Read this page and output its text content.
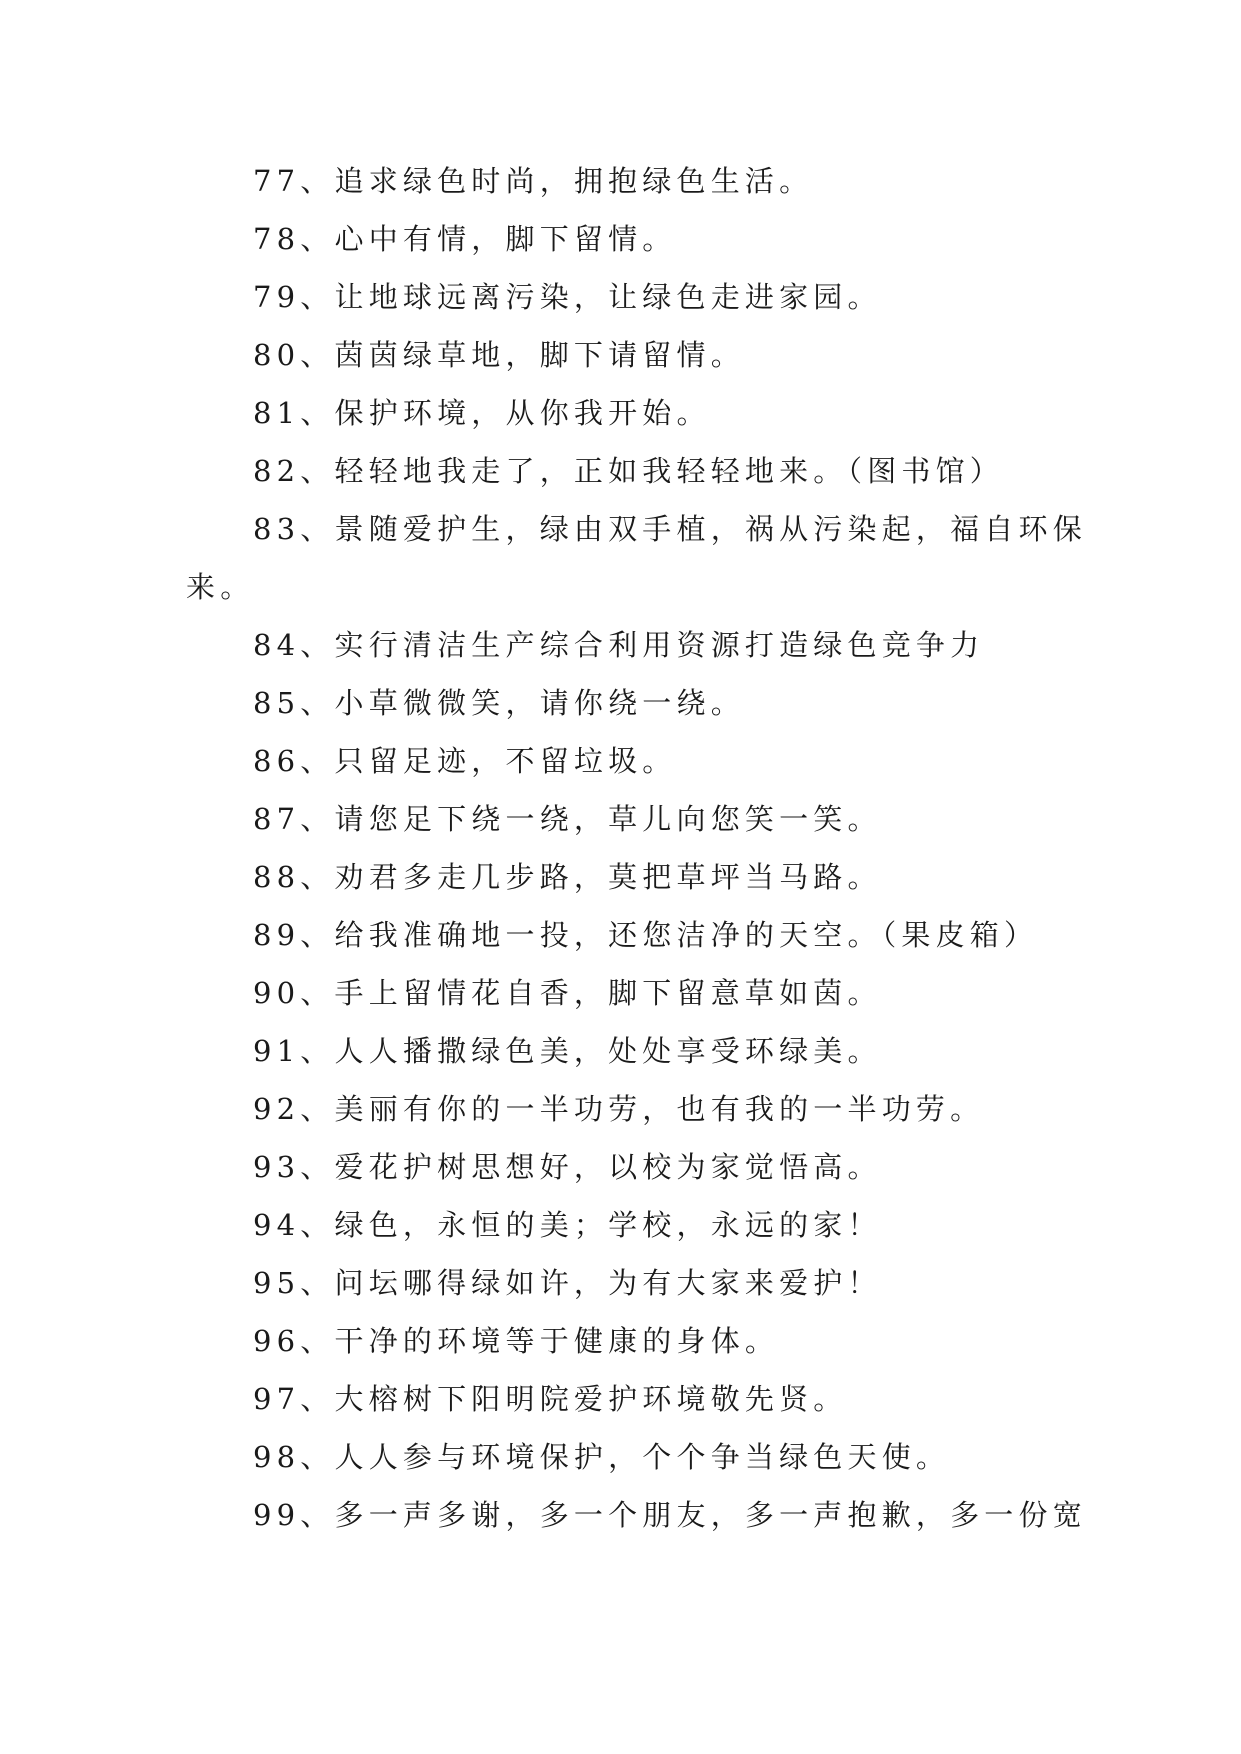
77、追求绿色时尚，拥抱绿色生活。
78、心中有情，脚下留情。
79、让地球远离污染，让绿色走进家园。
80、茵茵绿草地，脚下请留情。
81、保护环境，从你我开始。
82、轻轻地我走了，正如我轻轻地来。（图书馆）
83、景随爱护生，绿由双手植，祸从污染起，福自环保
来。
84、实行清洁生产综合利用资源打造绿色竞争力
85、小草微微笑，请你绕一绕。
86、只留足迹，不留垃圾。
87、请您足下绕一绕，草儿向您笑一笑。
88、劝君多走几步路，莫把草坪当马路。
89、给我准确地一投，还您洁净的天空。（果皮箱）
90、手上留情花自香，脚下留意草如茵。
91、人人播撒绿色美，处处享受环绿美。
92、美丽有你的一半功劳，也有我的一半功劳。
93、爱花护树思想好，以校为家觉悟高。
94、绿色，永恒的美；学校，永远的家！
95、问坛哪得绿如许，为有大家来爱护！
96、干净的环境等于健康的身体。
97、大榕树下阳明院爱护环境敬先贤。
98、人人参与环境保护，个个争当绿色天使。
99、多一声多谢，多一个朋友，多一声抱歉，多一份宽
